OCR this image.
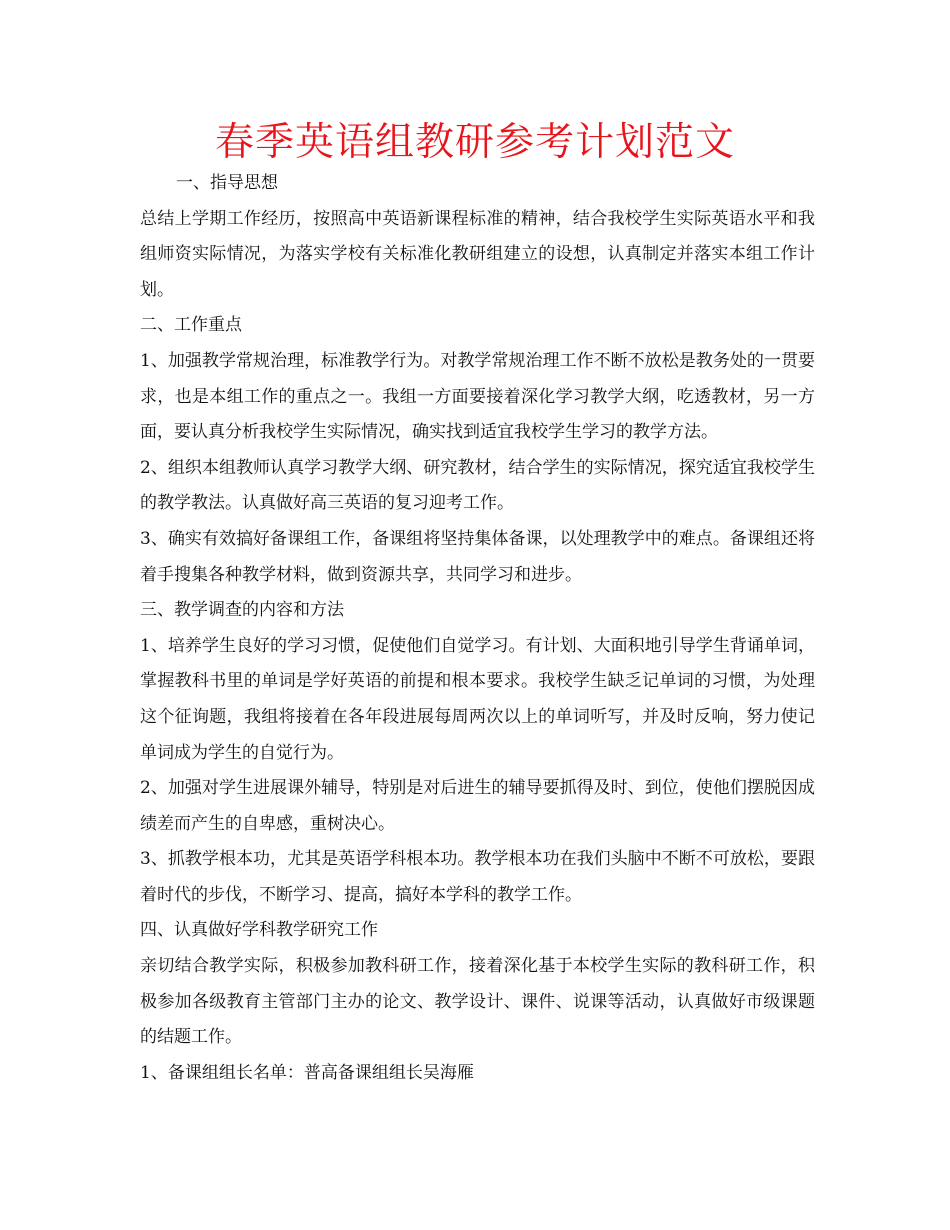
春季英语组教研参考计划范文

一、指导思想

总结上学期工作经历，按照高中英语新课程标准的精神，结合我校学生实际英语水平和我组师资实际情况，为落实学校有关标准化教研组建立的设想，认真制定并落实本组工作计划。

二、工作重点

1、加强教学常规治理，标准教学行为。对教学常规治理工作不断不放松是教务处的一贯要求，也是本组工作的重点之一。我组一方面要接着深化学习教学大纲，吃透教材，另一方面，要认真分析我校学生实际情况，确实找到适宜我校学生学习的教学方法。

2、组织本组教师认真学习教学大纲、研究教材，结合学生的实际情况，探究适宜我校学生的教学教法。认真做好高三英语的复习迎考工作。

3、确实有效搞好备课组工作，备课组将坚持集体备课，以处理教学中的难点。备课组还将着手搜集各种教学材料，做到资源共享，共同学习和进步。

三、教学调查的内容和方法

1、培养学生良好的学习习惯，促使他们自觉学习。有计划、大面积地引导学生背诵单词，掌握教科书里的单词是学好英语的前提和根本要求。我校学生缺乏记单词的习惯，为处理这个征询题，我组将接着在各年段进展每周两次以上的单词听写，并及时反响，努力使记单词成为学生的自觉行为。

2、加强对学生进展课外辅导，特别是对后进生的辅导要抓得及时、到位，使他们摆脱因成绩差而产生的自卑感，重树决心。

3、抓教学根本功，尤其是英语学科根本功。教学根本功在我们头脑中不断不可放松，要跟着时代的步伐，不断学习、提高，搞好本学科的教学工作。

四、认真做好学科教学研究工作

亲切结合教学实际，积极参加教科研工作，接着深化基于本校学生实际的教科研工作，积极参加各级教育主管部门主办的论文、教学设计、课件、说课等活动，认真做好市级课题的结题工作。

1、备课组组长名单：普高备课组组长吴海雁
